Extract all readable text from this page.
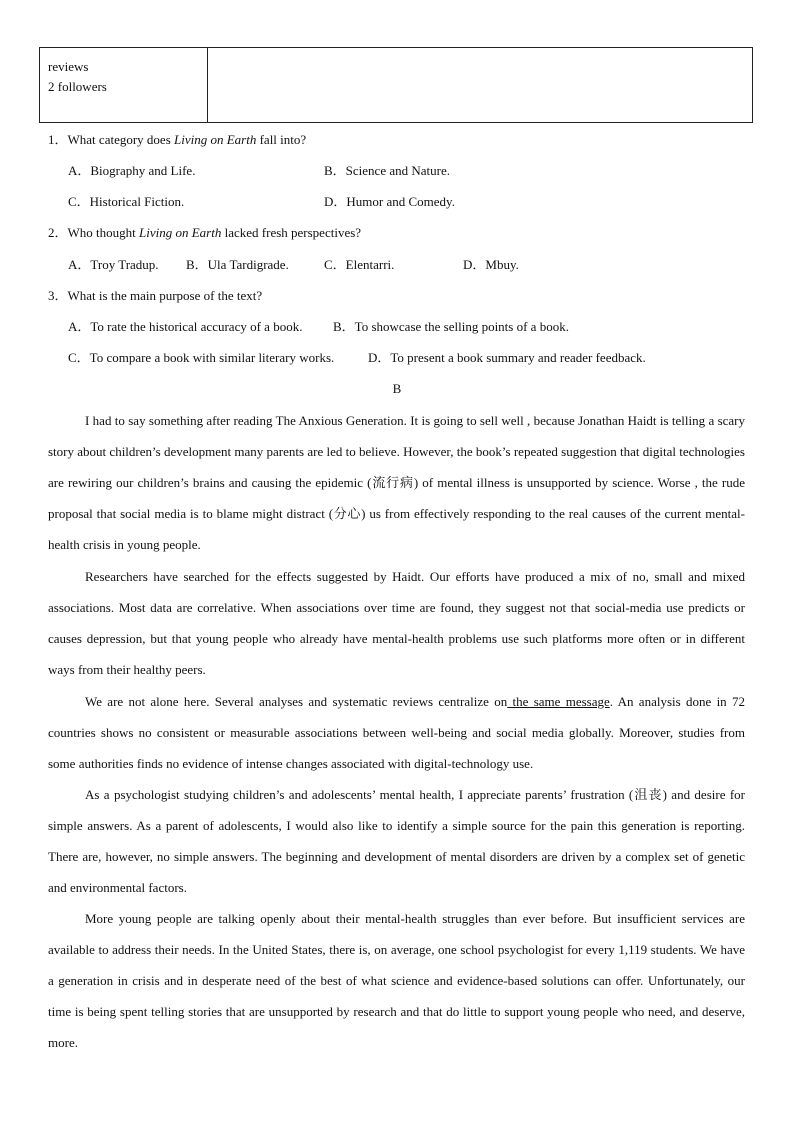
reviews
2 followers
1．What category does Living on Earth fall into?
A．Biography and Life.	B．Science and Nature.
C．Historical Fiction.	D．Humor and Comedy.
2．Who thought Living on Earth lacked fresh perspectives?
A．Troy Tradup. B．Ula Tardigrade.	C．Elentarri.	D．Mbuy.
3．What is the main purpose of the text?
A．To rate the historical accuracy of a book. B．To showcase the selling points of a book.
C．To compare a book with similar literary works.	D．To present a book summary and reader feedback.
B
I had to say something after reading The Anxious Generation. It is going to sell well , because Jonathan Haidt is telling a scary story about children’s development many parents are led to believe. However, the book’s repeated suggestion that digital technologies are rewiring our children’s brains and causing the epidemic (流行病) of mental illness is unsupported by science. Worse , the rude proposal that social media is to blame might distract (分心) us from effectively responding to the real causes of the current mental-health crisis in young people.
Researchers have searched for the effects suggested by Haidt. Our efforts have produced a mix of no, small and mixed associations. Most data are correlative. When associations over time are found, they suggest not that social-media use predicts or causes depression, but that young people who already have mental-health problems use such platforms more often or in different ways from their healthy peers.
We are not alone here. Several analyses and systematic reviews centralize on the same message. An analysis done in 72 countries shows no consistent or measurable associations between well-being and social media globally. Moreover, studies from some authorities finds no evidence of intense changes associated with digital-technology use.
As a psychologist studying children’s and adolescents’ mental health, I appreciate parents’ frustration (沮丧) and desire for simple answers. As a parent of adolescents, I would also like to identify a simple source for the pain this generation is reporting. There are, however, no simple answers. The beginning and development of mental disorders are driven by a complex set of genetic and environmental factors.
More young people are talking openly about their mental-health struggles than ever before. But insufficient services are available to address their needs. In the United States, there is, on average, one school psychologist for every 1,119 students. We have a generation in crisis and in desperate need of the best of what science and evidence-based solutions can offer. Unfortunately, our time is being spent telling stories that are unsupported by research and that do little to support young people who need, and deserve, more.
